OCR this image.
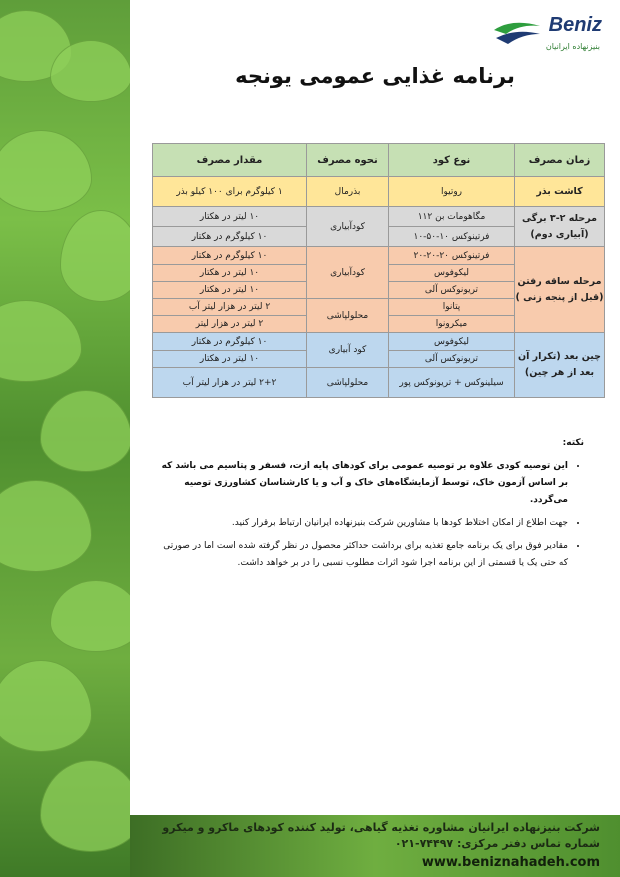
Beniz
بنیزنهاده ایرانیان
برنامه غذایی عمومی یونجه
زمان مصرف	نوع کود	نحوه مصرف	مقدار مصرف
کاشت بذر	روتیوا	بذرمال	۱ کیلوگرم برای ۱۰۰ کیلو بذر
مرحله ۲-۳ برگی (آبیاری دوم)	مگاهومات بن ۱۱۲	کودآبیاری	۱۰ لیتر در هکتار
	فرتینوکس ۱۰-۵۰-۱۰		۱۰ کیلوگرم در هکتار
مرحله ساقه رفتن (قبل از پنجه زنی )	فرتینوکس ۲۰-۲۰-۲۰	کودآبیاری	۱۰ کیلوگرم در هکتار
	لیکوفوس		۱۰ لیتر در هکتار
	تریونوکس آلی		۱۰ لیتر در هکتار
	پتانوا	محلولپاشی	۲ لیتر در هزار لیتر آب
	میکرونوا		۲ لیتر در هزار لیتر
چین بعد (تکرار آن بعد از هر چین)	لیکوفوس	کود آبیاری	۱۰ کیلوگرم در هکتار
	تریونوکس آلی		۱۰ لیتر در هکتار
	سیلینوکس + تریونوکس پور	محلولپاشی	۲+۲ لیتر در هزار لیتر آب
نکته:
• این توصیه کودی علاوه بر توصیه عمومی برای کودهای پایه ازت، فسفر و پتاسیم می باشد که بر اساس آزمون خاک، توسط آزمایشگاه‌های خاک و آب و یا کارشناسان کشاورزی توصیه می‌گردد.
• جهت اطلاع از امکان اختلاط کودها با مشاورین شرکت بنیزنهاده ایرانیان ارتباط برقرار کنید.
• مقادیر فوق برای یک برنامه جامع تغذیه برای برداشت حداکثر محصول در نظر گرفته شده است اما در صورتی که حتی یک یا قسمتی از این برنامه اجرا شود اثرات مطلوب نسبی را در بر خواهد داشت.
شرکت بنیزنهاده ایرانیان مشاوره تغذیه گیاهی، تولید کننده کودهای ماکرو و میکرو
شماره تماس دفتر مرکزی: ۷۴۴۹۷-۰۲۱
www.beniznahadeh.com
